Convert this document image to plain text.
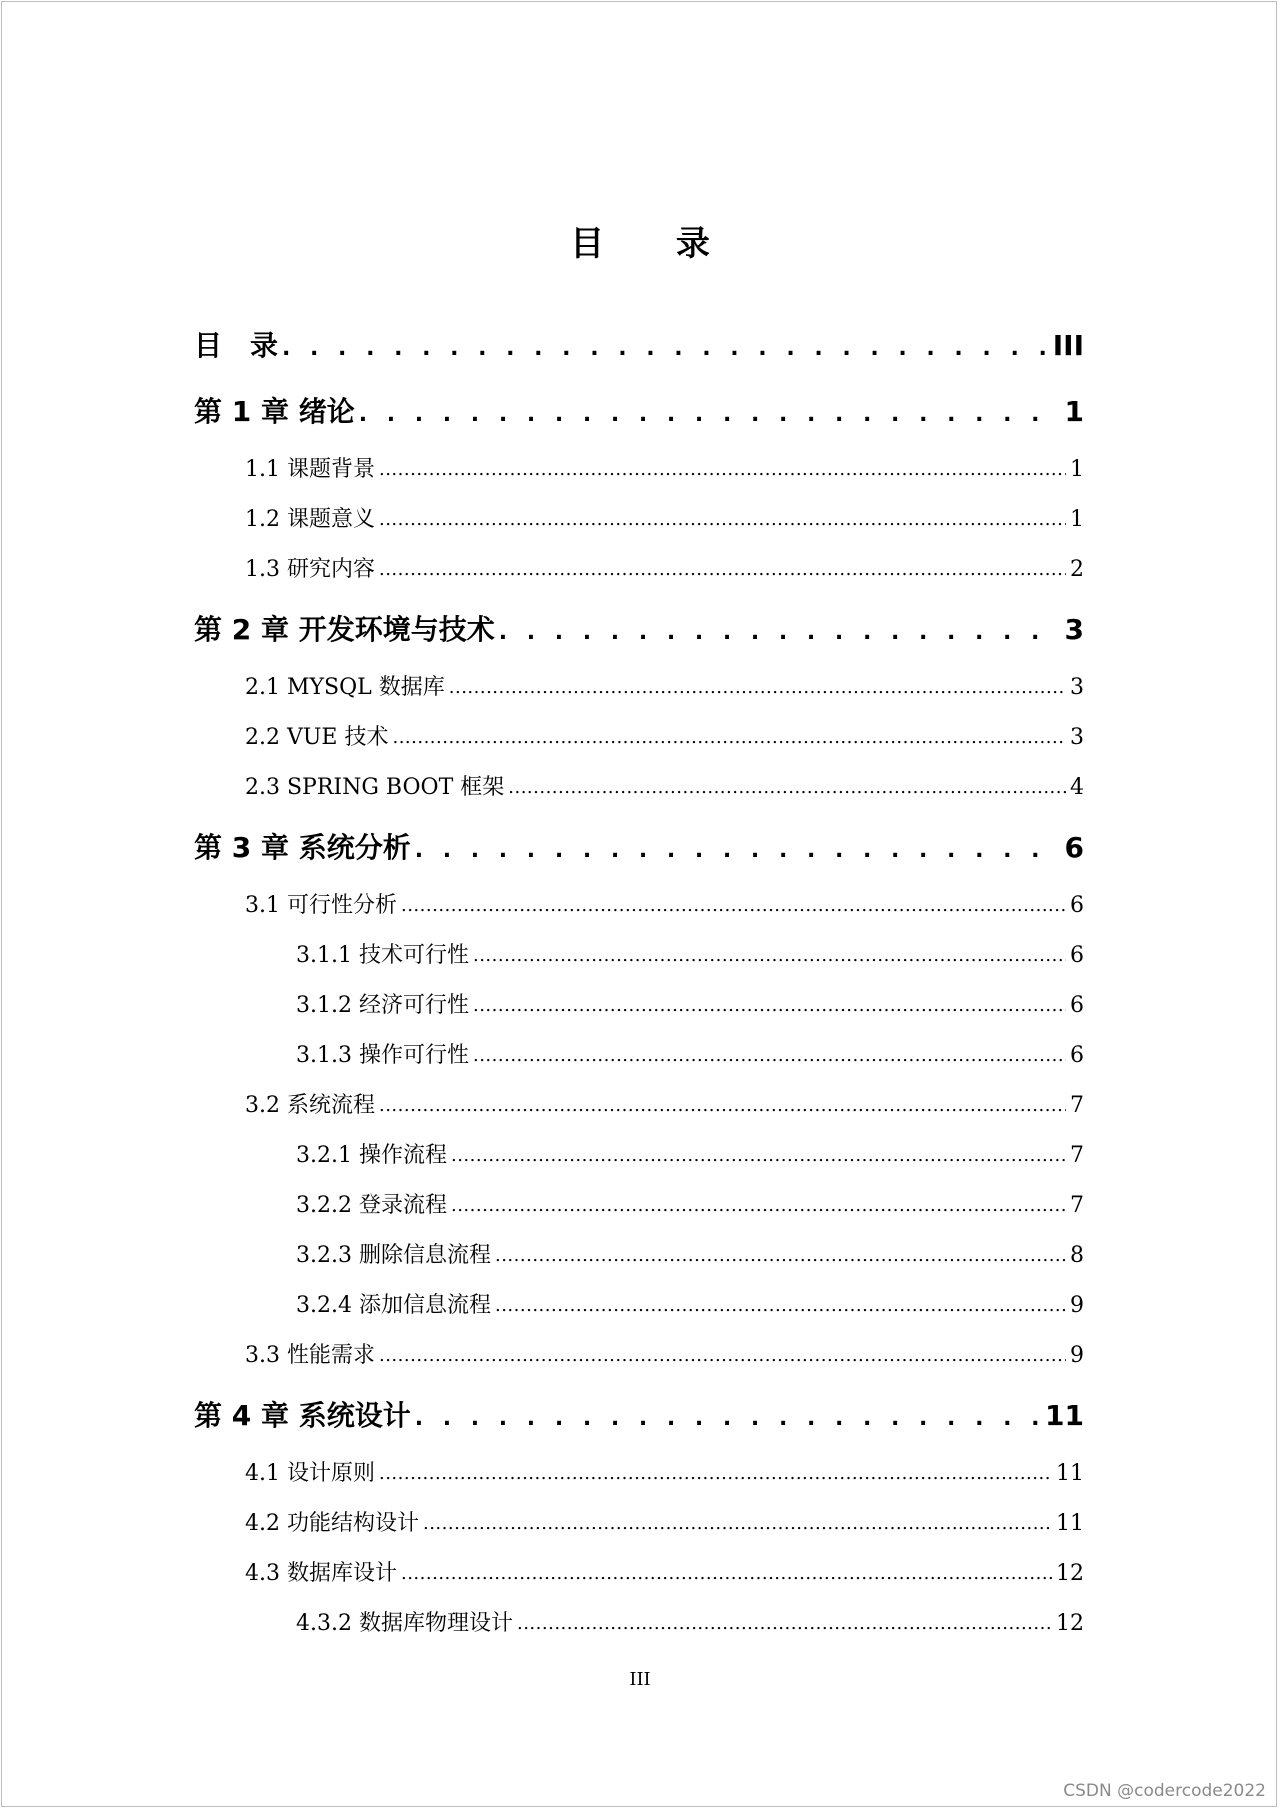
目 录
目　录 . . .	III
第 1 章 绪论 . . .	1
1.1 课题背景 .....	1
1.2 课题意义 .....	1
1.3 研究内容 .....	2
第 2 章 开发环境与技术 . . .	3
2.1 MYSQL 数据库 .....	3
2.2 VUE 技术 .....	3
2.3 SPRING BOOT 框架 .....	4
第 3 章 系统分析 . . .	6
3.1 可行性分析 .....	6
3.1.1 技术可行性 .....	6
3.1.2 经济可行性 .....	6
3.1.3 操作可行性 .....	6
3.2 系统流程 .....	7
3.2.1 操作流程 .....	7
3.2.2 登录流程 .....	7
3.2.3 删除信息流程 .....	8
3.2.4 添加信息流程 .....	9
3.3 性能需求 .....	9
第 4 章 系统设计 . . .	11
4.1 设计原则 .....	11
4.2 功能结构设计 .....	11
4.3 数据库设计 .....	12
4.3.2 数据库物理设计 .....	12
III
CSDN @codercode2022
